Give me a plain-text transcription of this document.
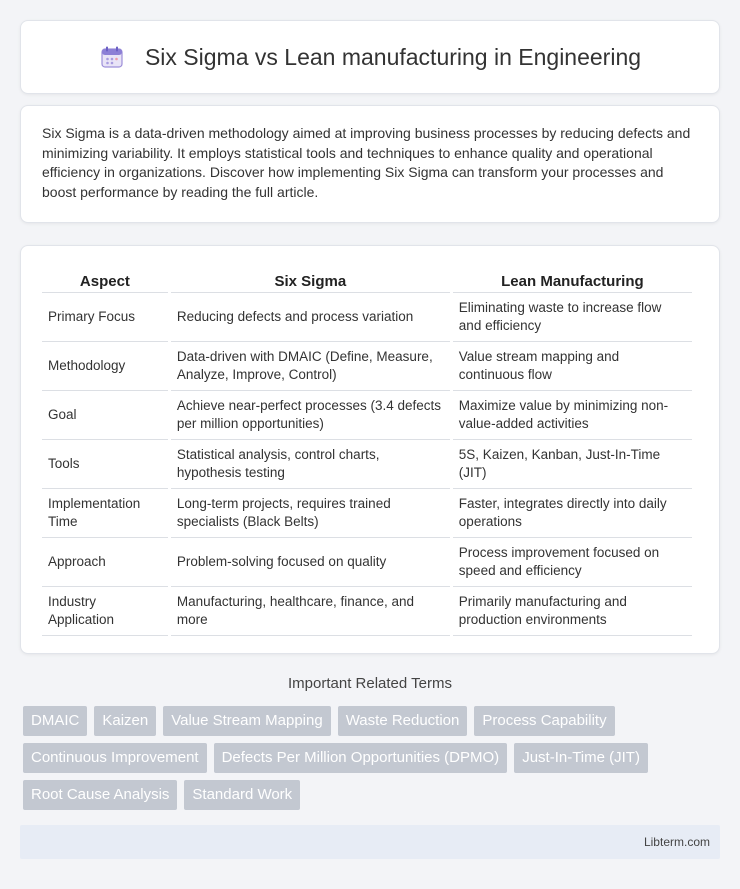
Six Sigma vs Lean manufacturing in Engineering

Six Sigma is a data-driven methodology aimed at improving business processes by reducing defects and minimizing variability. It employs statistical tools and techniques to enhance quality and operational efficiency in organizations. Discover how implementing Six Sigma can transform your processes and boost performance by reading the full article.

Aspect	Six Sigma	Lean Manufacturing
Primary Focus	Reducing defects and process variation	Eliminating waste to increase flow and efficiency
Methodology	Data-driven with DMAIC (Define, Measure, Analyze, Improve, Control)	Value stream mapping and continuous flow
Goal	Achieve near-perfect processes (3.4 defects per million opportunities)	Maximize value by minimizing non-value-added activities
Tools	Statistical analysis, control charts, hypothesis testing	5S, Kaizen, Kanban, Just-In-Time (JIT)
Implementation Time	Long-term projects, requires trained specialists (Black Belts)	Faster, integrates directly into daily operations
Approach	Problem-solving focused on quality	Process improvement focused on speed and efficiency
Industry Application	Manufacturing, healthcare, finance, and more	Primarily manufacturing and production environments
Important Related Terms
DMAIC	Kaizen	Value Stream Mapping	Waste Reduction	Process Capability
Continuous Improvement	Defects Per Million Opportunities (DPMO)	Just-In-Time (JIT)
Root Cause Analysis	Standard Work
Libterm.com
